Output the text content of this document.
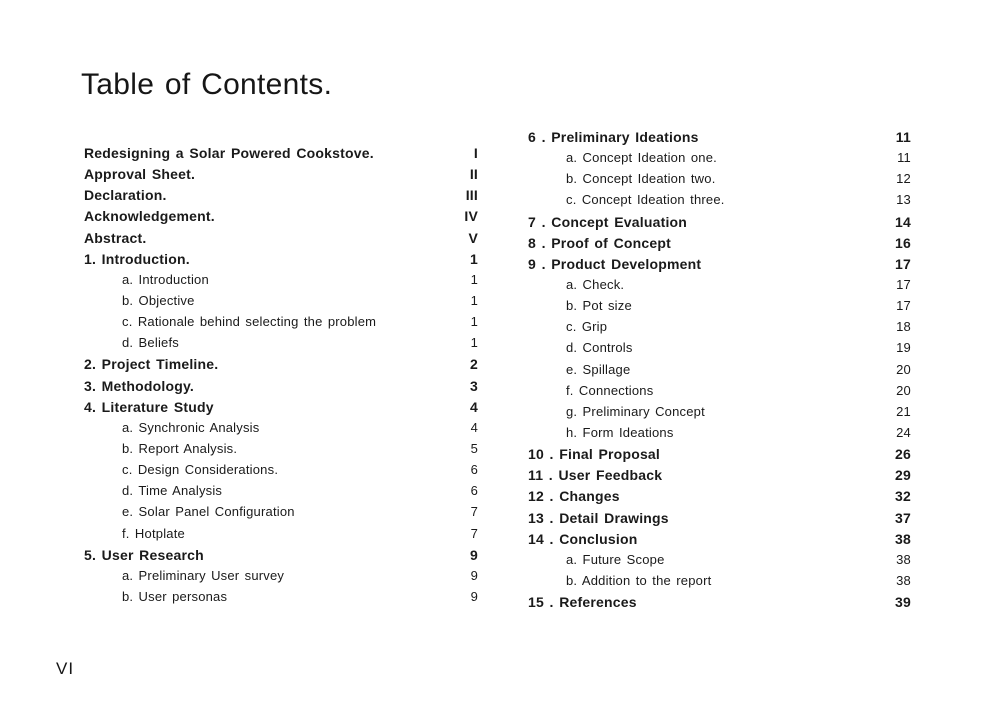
Table of Contents.
Redesigning a Solar Powered Cookstove.	I
Approval Sheet.	II
Declaration.	III
Acknowledgement.	IV
Abstract.	V
1. Introduction.	1
a. Introduction	1
b. Objective	1
c. Rationale behind selecting the problem	1
d. Beliefs	1
2. Project Timeline.	2
3. Methodology.	3
4. Literature Study	4
a. Synchronic Analysis	4
b. Report Analysis.	5
c. Design Considerations.	6
d. Time Analysis	6
e. Solar Panel Configuration	7
f. Hotplate	7
5. User Research	9
a. Preliminary User survey	9
b. User personas	9
6 . Preliminary Ideations	11
a. Concept Ideation one.	11
b. Concept Ideation two.	12
c. Concept Ideation three.	13
7 . Concept Evaluation	14
8 . Proof of Concept	16
9 . Product Development	17
a. Check.	17
b. Pot size	17
c. Grip	18
d. Controls	19
e. Spillage	20
f. Connections	20
g. Preliminary Concept	21
h. Form Ideations	24
10 . Final Proposal	26
11 . User Feedback	29
12 . Changes	32
13 . Detail Drawings	37
14 . Conclusion	38
a. Future Scope	38
b. Addition to the report	38
15 . References	39
VI
